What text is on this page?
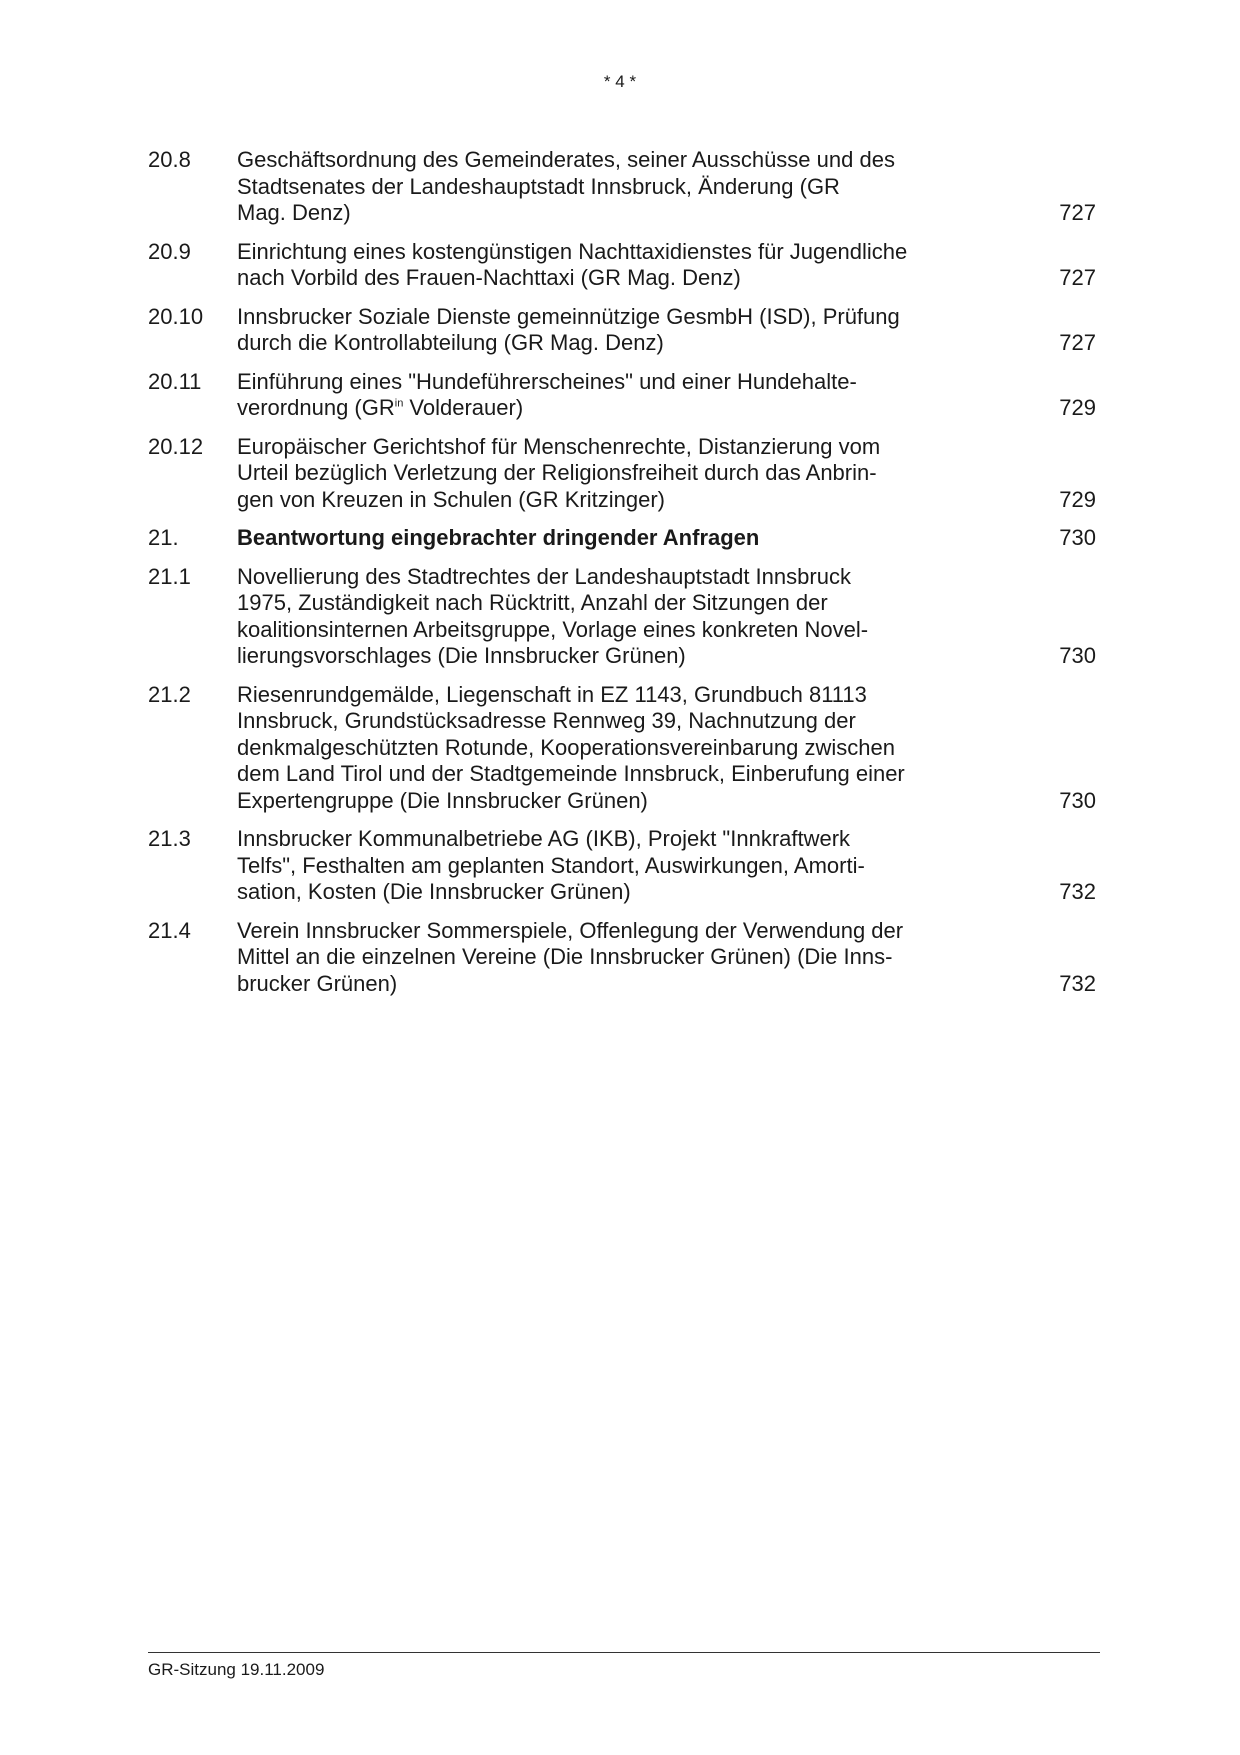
* 4 *
20.8	Geschäftsordnung des Gemeinderates, seiner Ausschüsse und des
Stadtsenates der Landeshauptstadt Innsbruck, Änderung (GR
Mag. Denz)	727
20.9	Einrichtung eines kostengünstigen Nachttaxidienstes für Jugendliche
nach Vorbild des Frauen-Nachttaxi (GR Mag. Denz)	727
20.10	Innsbrucker Soziale Dienste gemeinnützige GesmbH (ISD), Prüfung
durch die Kontrollabteilung (GR Mag. Denz)	727
20.11	Einführung eines "Hundeführerscheines" und einer Hundehalte-
verordnung ($GR^{in}$ Volderauer)	729
20.12	Europäischer Gerichtshof für Menschenrechte, Distanzierung vom
Urteil bezüglich Verletzung der Religionsfreiheit durch das Anbrin-
gen von Kreuzen in Schulen (GR Kritzinger)	729
21.	Beantwortung eingebrachter dringender Anfragen	730
21.1	Novellierung des Stadtrechtes der Landeshauptstadt Innsbruck
1975, Zuständigkeit nach Rücktritt, Anzahl der Sitzungen der
koalitionsinternen Arbeitsgruppe, Vorlage eines konkreten Novel-
lierungsvorschlages (Die Innsbrucker Grünen)	730
21.2	Riesenrundgemälde, Liegenschaft in EZ 1143, Grundbuch 81113
Innsbruck, Grundstücksadresse Rennweg 39, Nachnutzung der
denkmalgeschützten Rotunde, Kooperationsvereinbarung zwischen
dem Land Tirol und der Stadtgemeinde Innsbruck, Einberufung einer
Expertengruppe (Die Innsbrucker Grünen)	730
21.3	Innsbrucker Kommunalbetriebe AG (IKB), Projekt "Innkraftwerk
Telfs", Festhalten am geplanten Standort, Auswirkungen, Amorti-
sation, Kosten (Die Innsbrucker Grünen)	732
21.4	Verein Innsbrucker Sommerspiele, Offenlegung der Verwendung der
Mittel an die einzelnen Vereine (Die Innsbrucker Grünen) (Die Inns-
brucker Grünen)	732
GR-Sitzung 19.11.2009
